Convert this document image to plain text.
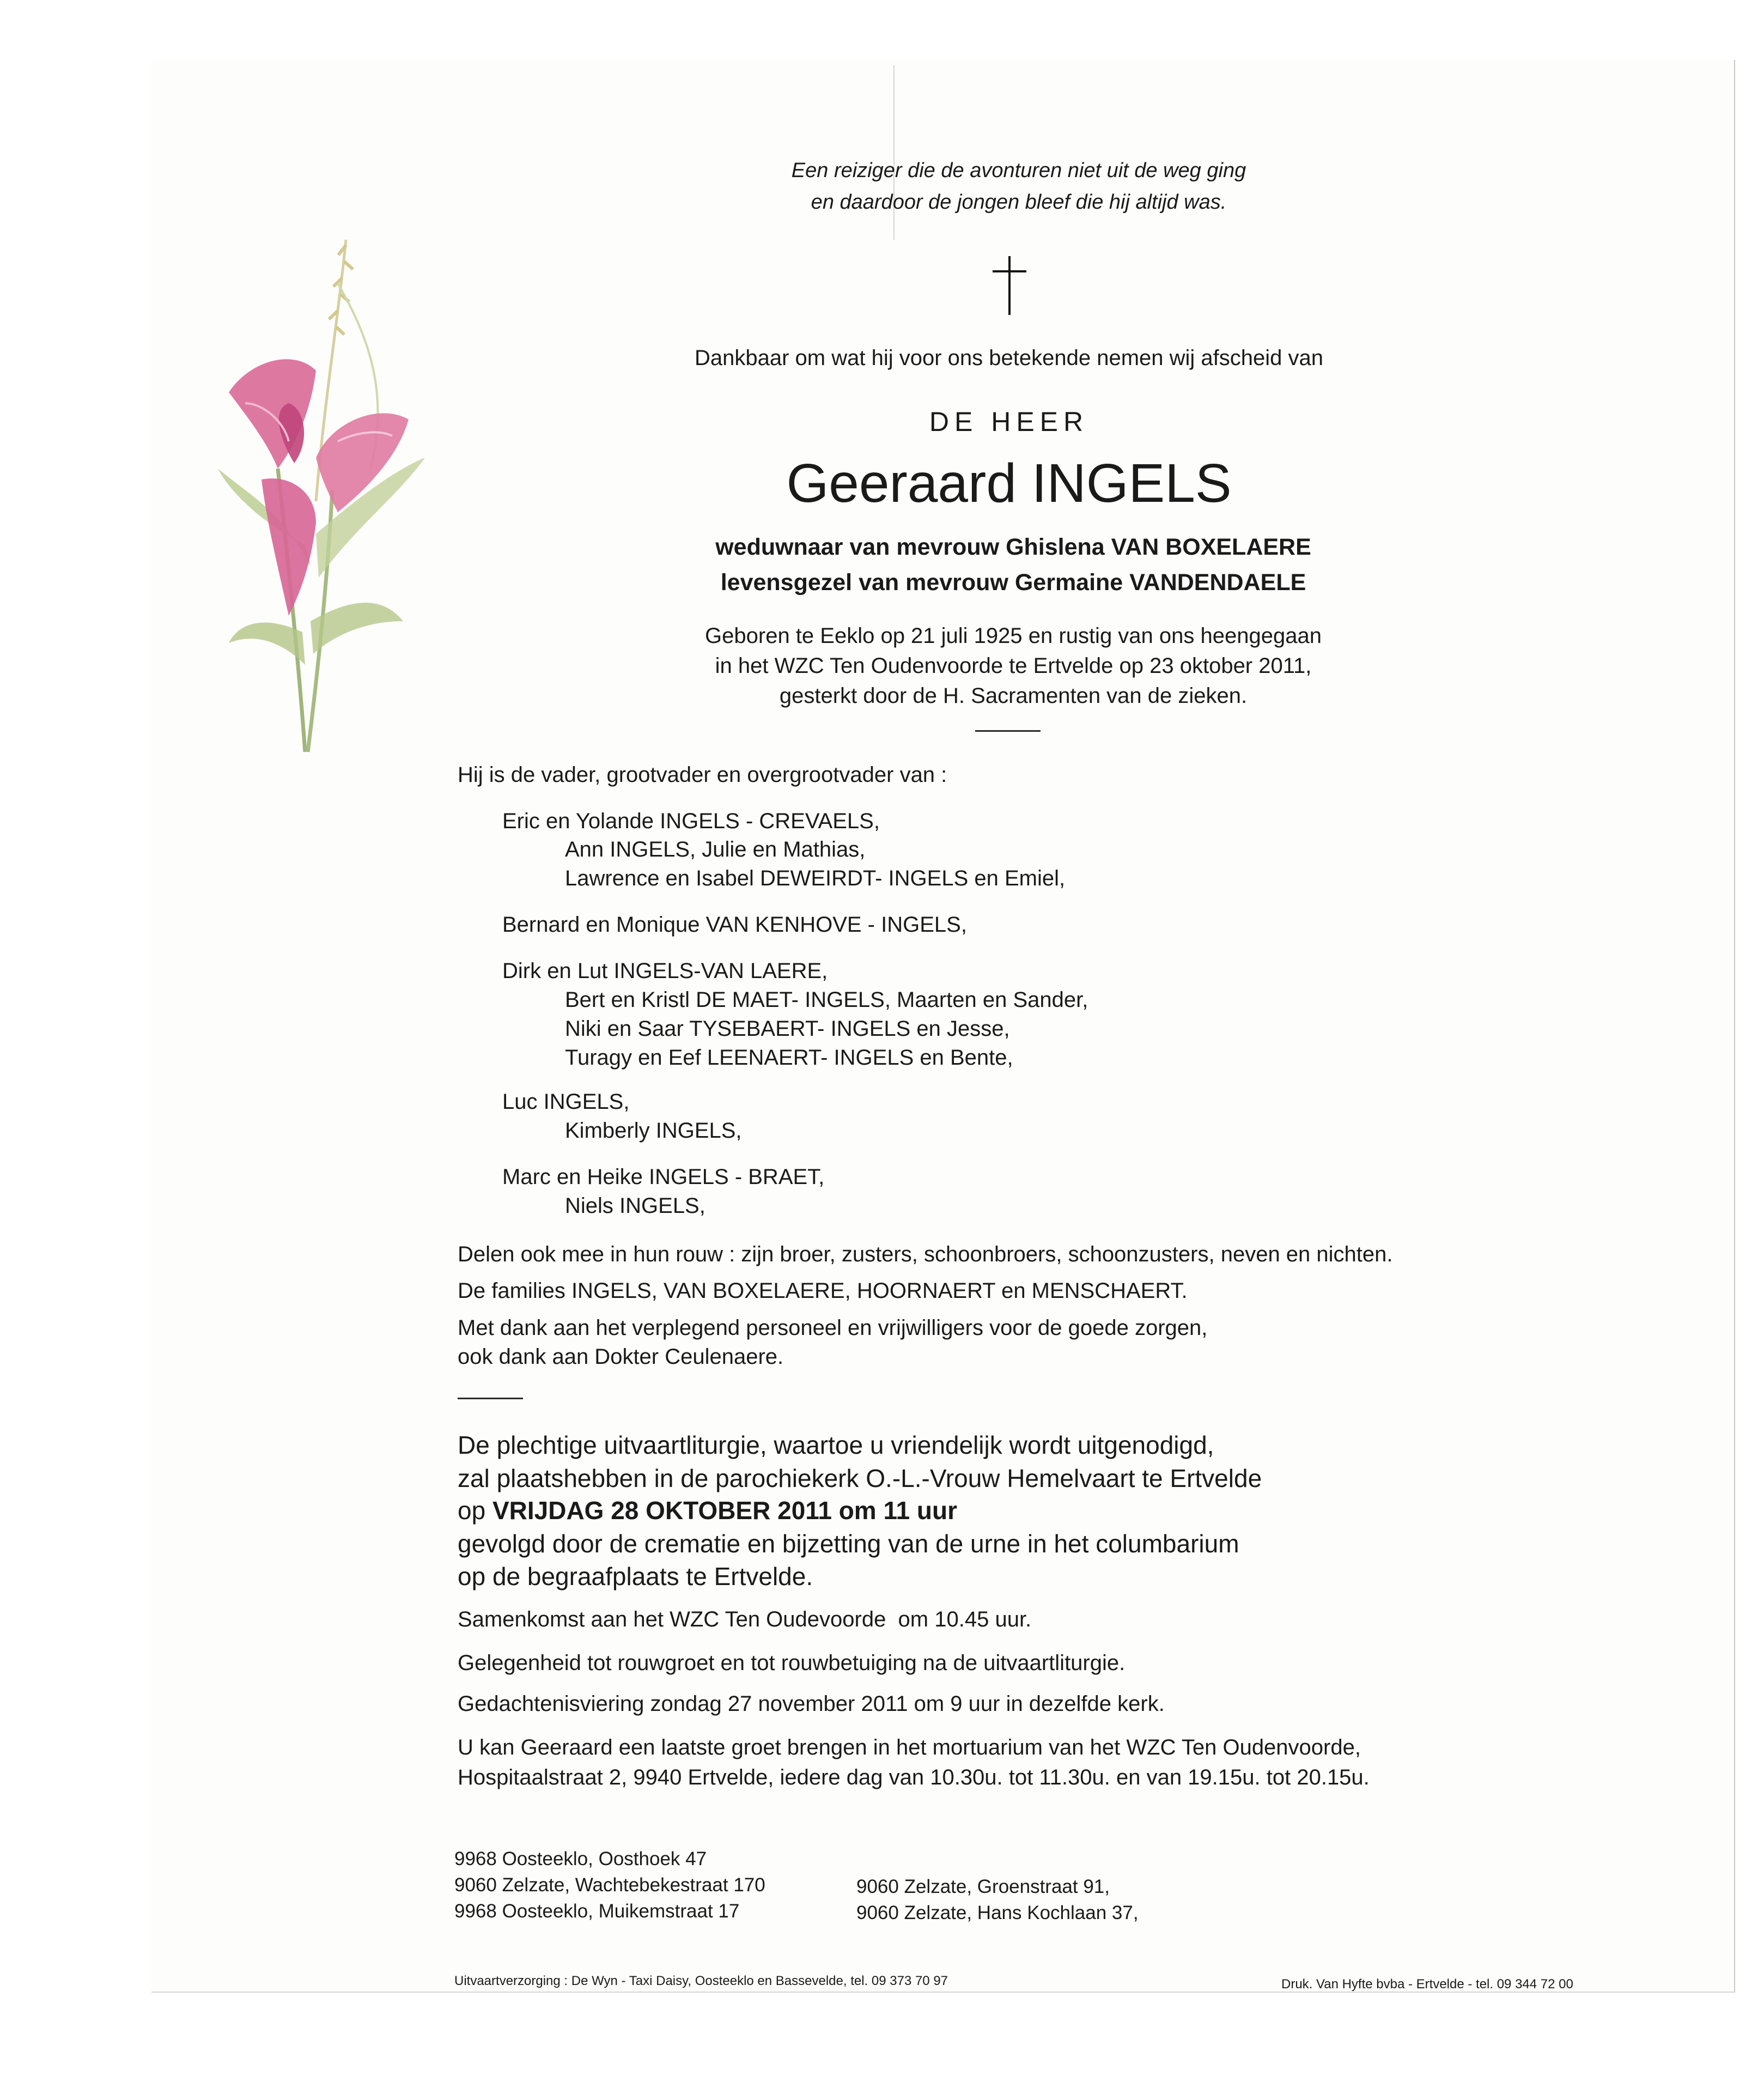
Een reiziger die de avonturen niet uit de weg ging
en daardoor de jongen bleef die hij altijd was.
Dankbaar om wat hij voor ons betekende nemen wij afscheid van
DE HEER
Geeraard INGELS
weduwnaar van mevrouw Ghislena VAN BOXELAERE
levensgezel van mevrouw Germaine VANDENDAELE
Geboren te Eeklo op 21 juli 1925 en rustig van ons heengegaan
in het WZC Ten Oudenvoorde te Ertvelde op 23 oktober 2011,
gesterkt door de H. Sacramenten van de zieken.
Hij is de vader, grootvader en overgrootvader van :
Eric en Yolande INGELS - CREVAELS,
Ann INGELS, Julie en Mathias,
Lawrence en Isabel DEWEIRDT- INGELS en Emiel,
Bernard en Monique VAN KENHOVE - INGELS,
Dirk en Lut INGELS-VAN LAERE,
Bert en Kristl DE MAET- INGELS, Maarten en Sander,
Niki en Saar TYSEBAERT- INGELS en Jesse,
Turagy en Eef LEENAERT- INGELS en Bente,
Luc INGELS,
Kimberly INGELS,
Marc en Heike INGELS - BRAET,
Niels INGELS,
Delen ook mee in hun rouw : zijn broer, zusters, schoonbroers, schoonzusters, neven en nichten.
De families INGELS, VAN BOXELAERE, HOORNAERT en MENSCHAERT.
Met dank aan het verplegend personeel en vrijwilligers voor de goede zorgen,
ook dank aan Dokter Ceulenaere.
De plechtige uitvaartliturgie, waartoe u vriendelijk wordt uitgenodigd,
zal plaatshebben in de parochiekerk O.-L.-Vrouw Hemelvaart te Ertvelde
op VRIJDAG 28 OKTOBER 2011 om 11 uur
gevolgd door de crematie en bijzetting van de urne in het columbarium
op de begraafplaats te Ertvelde.
Samenkomst aan het WZC Ten Oudevoorde  om 10.45 uur.
Gelegenheid tot rouwgroet en tot rouwbetuiging na de uitvaartliturgie.
Gedachtenisviering zondag 27 november 2011 om 9 uur in dezelfde kerk.
U kan Geeraard een laatste groet brengen in het mortuarium van het WZC Ten Oudenvoorde,
Hospitaalstraat 2, 9940 Ertvelde, iedere dag van 10.30u. tot 11.30u. en van 19.15u. tot 20.15u.
9968 Oosteeklo, Oosthoek 47
9060 Zelzate, Wachtebekestraat 170
9968 Oosteeklo, Muikemstraat 17
9060 Zelzate, Groenstraat 91,
9060 Zelzate, Hans Kochlaan 37,
Uitvaartverzorging : De Wyn - Taxi Daisy, Oosteeklo en Bassevelde, tel. 09 373 70 97	Druk. Van Hyfte bvba - Ertvelde - tel. 09 344 72 00
